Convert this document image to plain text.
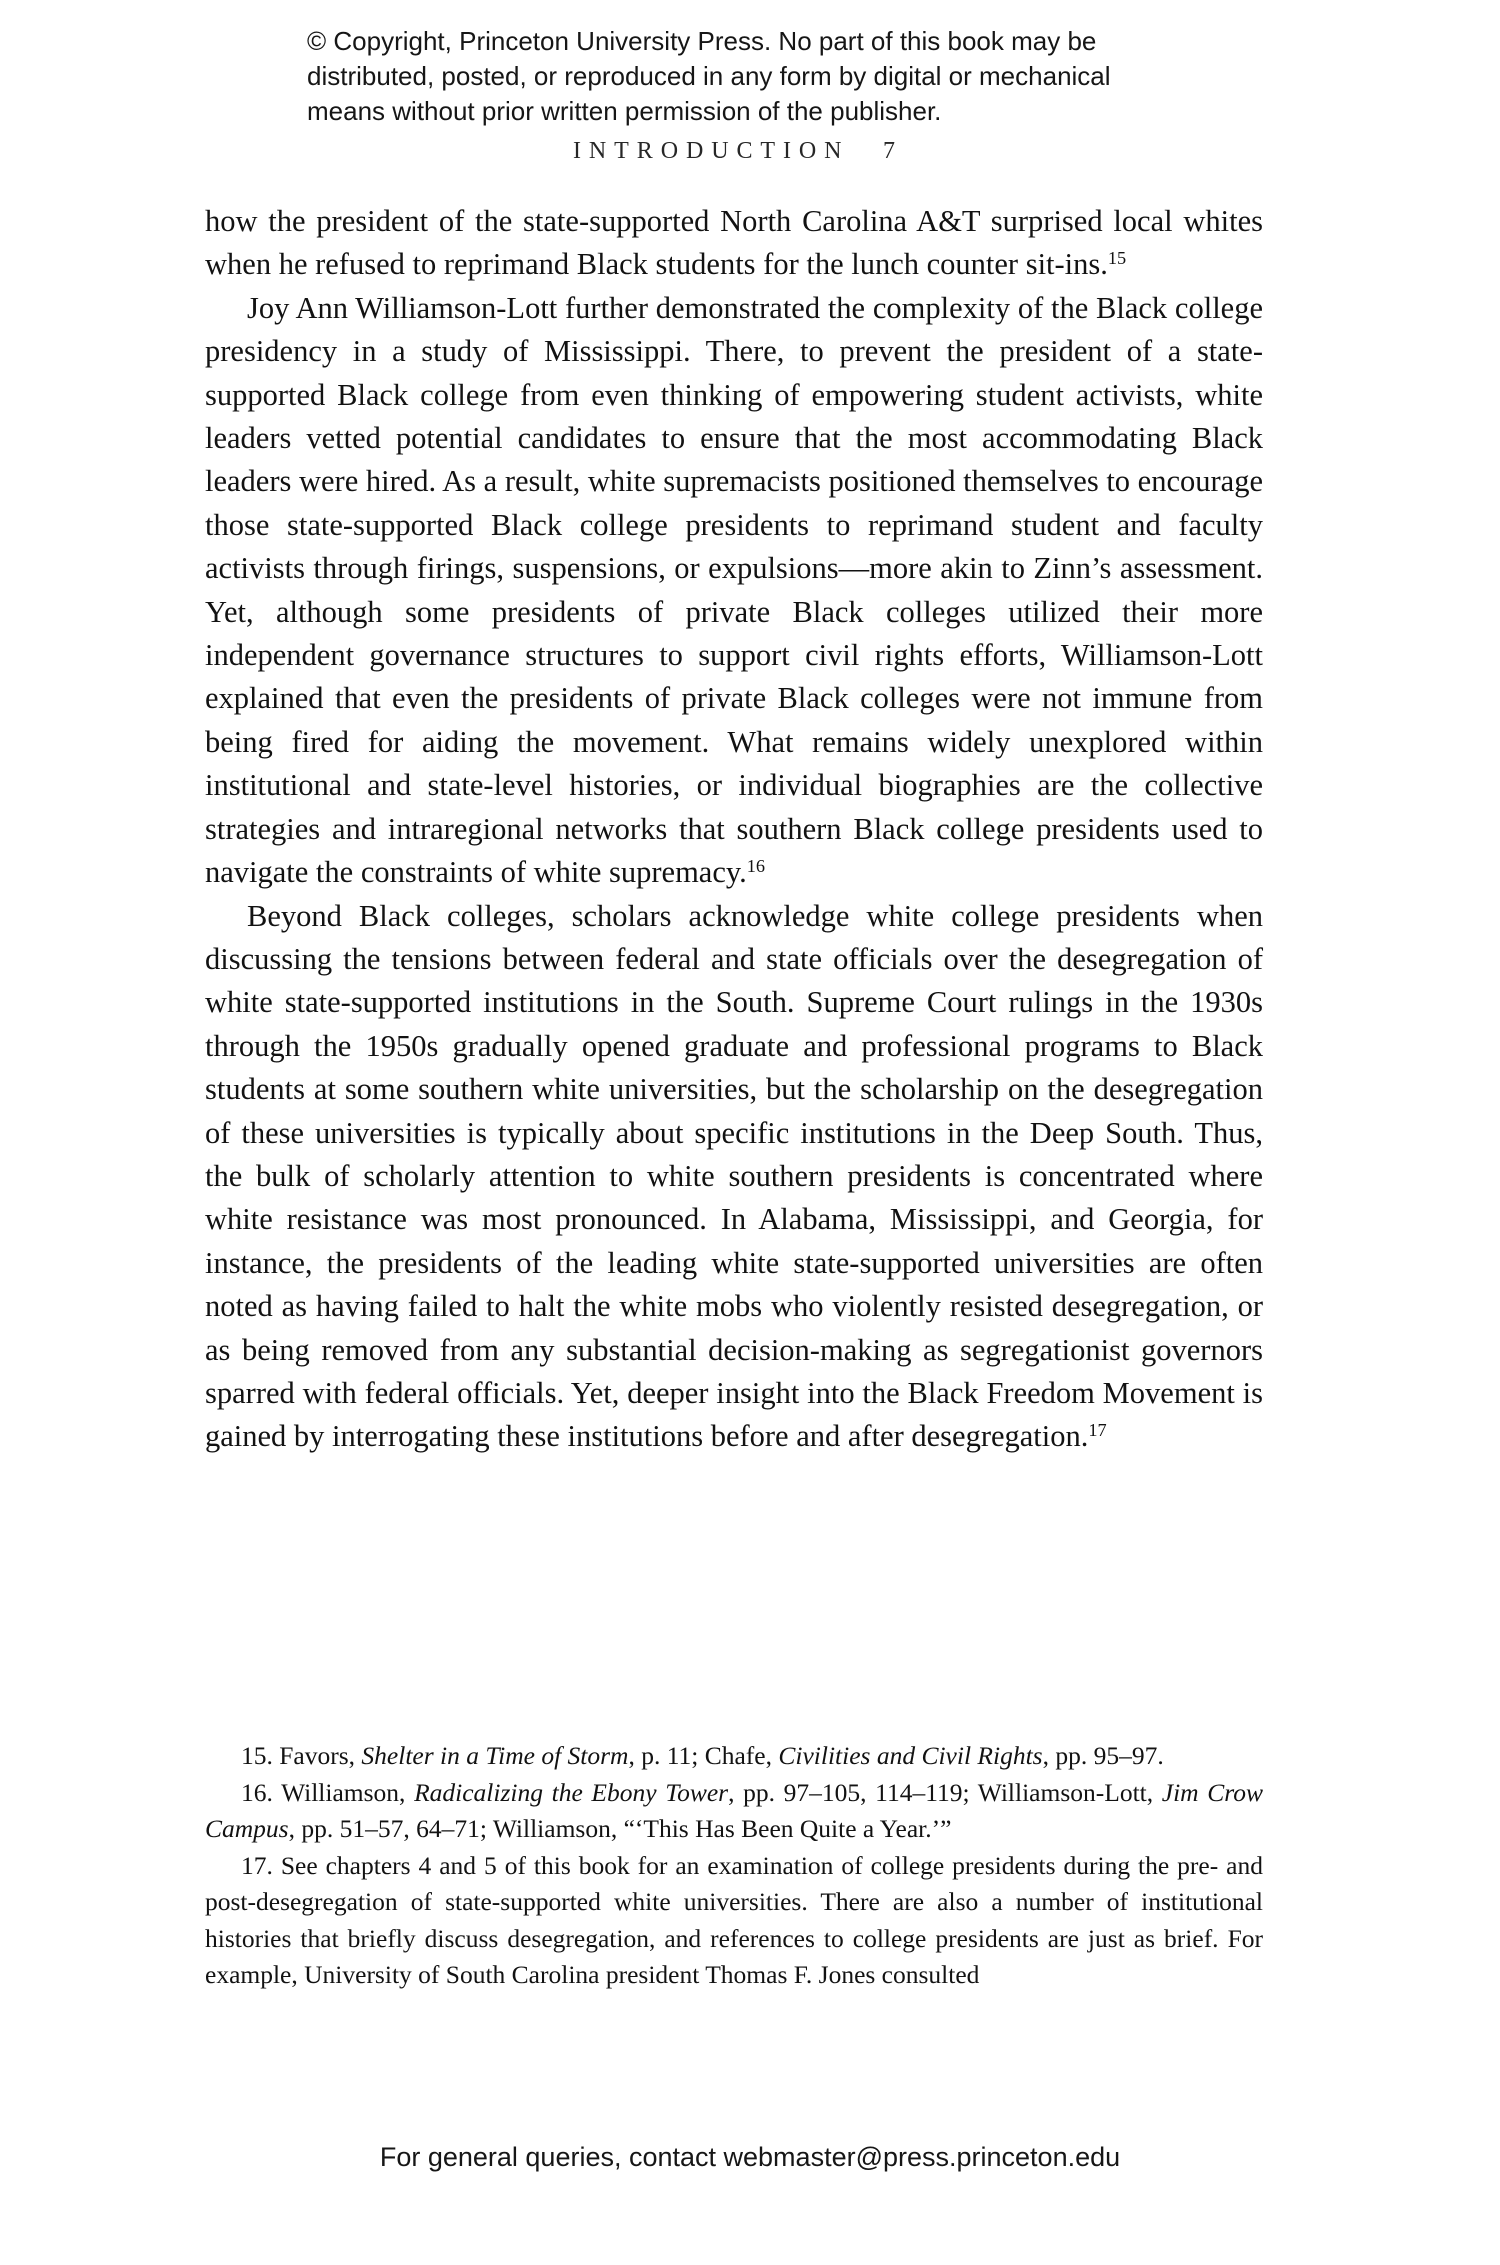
© Copyright, Princeton University Press. No part of this book may be
distributed, posted, or reproduced in any form by digital or mechanical
means without prior written permission of the publisher.
INTRODUCTION 7

how the president of the state-supported North Carolina A&T surprised local whites when he refused to reprimand Black students for the lunch counter sit-ins.$^{15}$

Joy Ann Williamson-Lott further demonstrated the complexity of the Black college presidency in a study of Mississippi. There, to prevent the president of a state-supported Black college from even thinking of empowering student activists, white leaders vetted potential candidates to ensure that the most accommodating Black leaders were hired. As a result, white supremacists positioned themselves to encourage those state-supported Black college presidents to reprimand student and faculty activists through firings, suspensions, or expulsions—more akin to Zinn’s assessment. Yet, although some presidents of private Black colleges utilized their more independent governance structures to support civil rights efforts, Williamson-Lott explained that even the presidents of private Black colleges were not immune from being fired for aiding the movement. What remains widely unexplored within institutional and state-level histories, or individual biographies are the collective strategies and intraregional networks that southern Black college presidents used to navigate the constraints of white supremacy.$^{16}$

Beyond Black colleges, scholars acknowledge white college presidents when discussing the tensions between federal and state officials over the desegregation of white state-supported institutions in the South. Supreme Court rulings in the 1930s through the 1950s gradually opened graduate and professional programs to Black students at some southern white universities, but the scholarship on the desegregation of these universities is typically about specific institutions in the Deep South. Thus, the bulk of scholarly attention to white southern presidents is concentrated where white resistance was most pronounced. In Alabama, Mississippi, and Georgia, for instance, the presidents of the leading white state-supported universities are often noted as having failed to halt the white mobs who violently resisted desegregation, or as being removed from any substantial decision-making as segregationist governors sparred with federal officials. Yet, deeper insight into the Black Freedom Movement is gained by interrogating these institutions before and after desegregation.$^{17}$

15. Favors, Shelter in a Time of Storm, p. 11; Chafe, Civilities and Civil Rights, pp. 95–97.

16. Williamson, Radicalizing the Ebony Tower, pp. 97–105, 114–119; Williamson-Lott, Jim Crow Campus, pp. 51–57, 64–71; Williamson, “‘This Has Been Quite a Year.’”

17. See chapters 4 and 5 of this book for an examination of college presidents during the pre- and post-desegregation of state-supported white universities. There are also a number of institutional histories that briefly discuss desegregation, and references to college presidents are just as brief. For example, University of South Carolina president Thomas F. Jones consulted

For general queries, contact webmaster@press.princeton.edu
